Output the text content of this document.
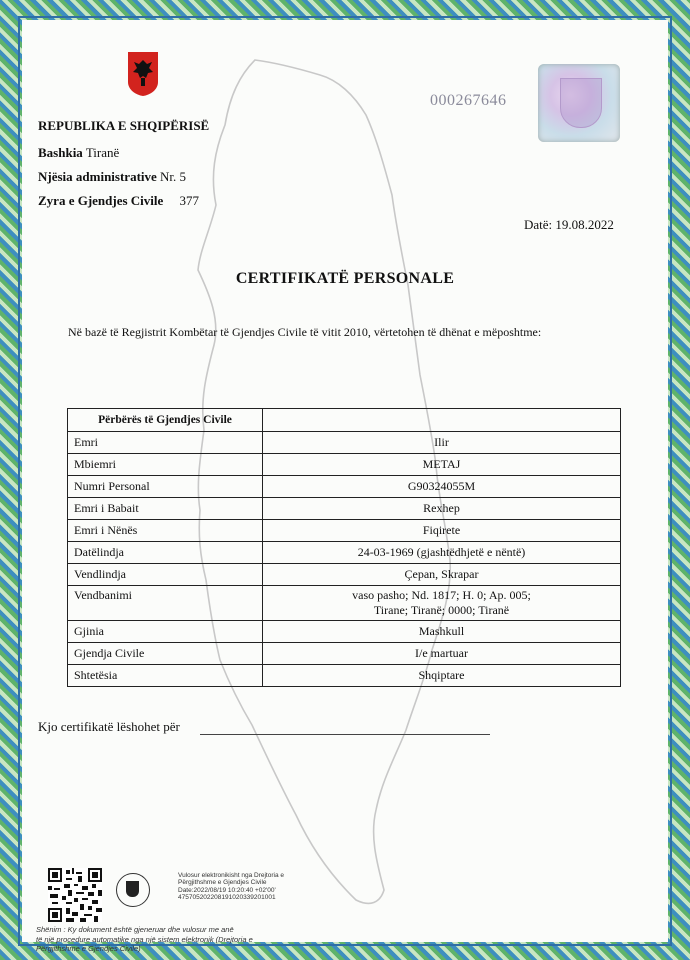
000267646
REPUBLIKA E SHQIPËRISË
Bashkia Tiranë
Njësia administrative Nr. 5
Zyra e Gjendjes Civile 377
Datë: 19.08.2022
CERTIFIKATË PERSONALE
Në bazë të Regjistrit Kombëtar të Gjendjes Civile të vitit 2010, vërtetohen të dhënat e mëposhtme:
Përbërës të Gjendjes Civile	
Emri	Ilir
Mbiemri	METAJ
Numri Personal	G90324055M
Emri i Babait	Rexhep
Emri i Nënës	Fiqirete
Datëlindja	24-03-1969 (gjashtëdhjetë e nëntë)
Vendlindja	Çepan, Skrapar
Vendbanimi	vaso pasho; Nd. 1817; H. 0; Ap. 005;
Tirane; Tiranë; 0000; Tiranë

Gjinia	Mashkull
Gjendja Civile	I/e martuar
Shtetësia	Shqiptare
Kjo certifikatë lëshohet për
Vulosur elektronikisht nga Drejtoria e
Përgjithshme e Gjendjes Civile
Date:2022/08/19 10:20:40 +02'00'
4757052022081910203392​01001
Shënim : Ky dokument është gjeneruar dhe vulosur me anë
të një procedure automatike nga një sistem elektronik (Drejtoria e
Përgjithshme e Gjendjes Civile)
